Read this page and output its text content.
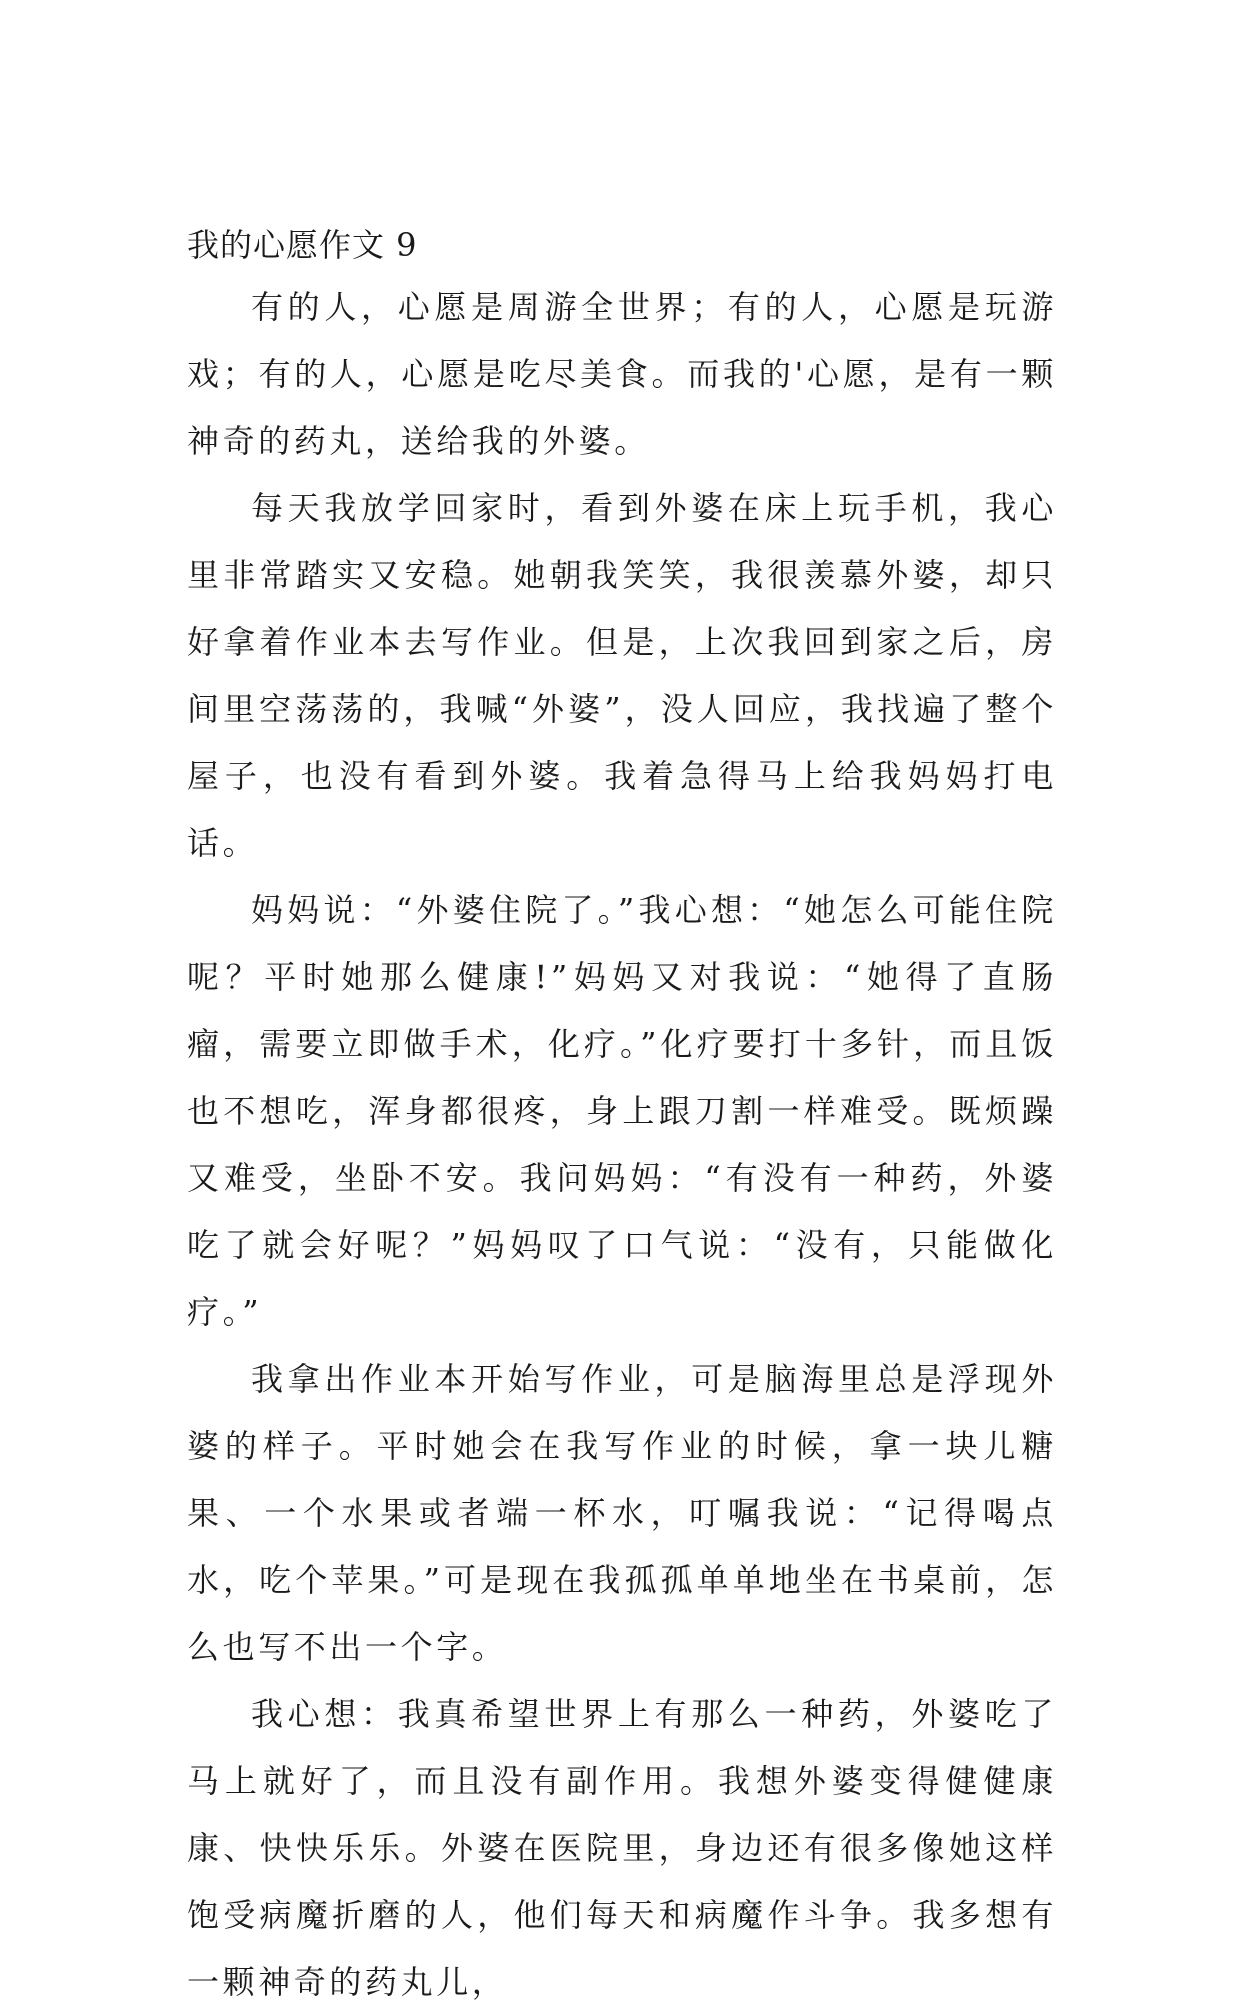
我的心愿作文 9

有的人，心愿是周游全世界；有的人，心愿是玩游戏；有的人，心愿是吃尽美食。而我的'心愿，是有一颗神奇的药丸，送给我的外婆。

每天我放学回家时，看到外婆在床上玩手机，我心里非常踏实又安稳。她朝我笑笑，我很羡慕外婆，却只好拿着作业本去写作业。但是，上次我回到家之后，房间里空荡荡的，我喊“外婆”，没人回应，我找遍了整个屋子，也没有看到外婆。我着急得马上给我妈妈打电话。

妈妈说：“外婆住院了。”我心想：“她怎么可能住院呢？平时她那么健康!”妈妈又对我说：“她得了直肠瘤，需要立即做手术，化疗。”化疗要打十多针，而且饭也不想吃，浑身都很疼，身上跟刀割一样难受。既烦躁又难受，坐卧不安。我问妈妈：“有没有一种药，外婆吃了就会好呢？”妈妈叹了口气说：“没有，只能做化疗。”

我拿出作业本开始写作业，可是脑海里总是浮现外婆的样子。平时她会在我写作业的时候，拿一块儿糖果、一个水果或者端一杯水，叮嘱我说：“记得喝点水，吃个苹果。”可是现在我孤孤单单地坐在书桌前，怎么也写不出一个字。

我心想：我真希望世界上有那么一种药，外婆吃了马上就好了，而且没有副作用。我想外婆变得健健康康、快快乐乐。外婆在医院里，身边还有很多像她这样饱受病魔折磨的人，他们每天和病魔作斗争。我多想有一颗神奇的药丸儿，
